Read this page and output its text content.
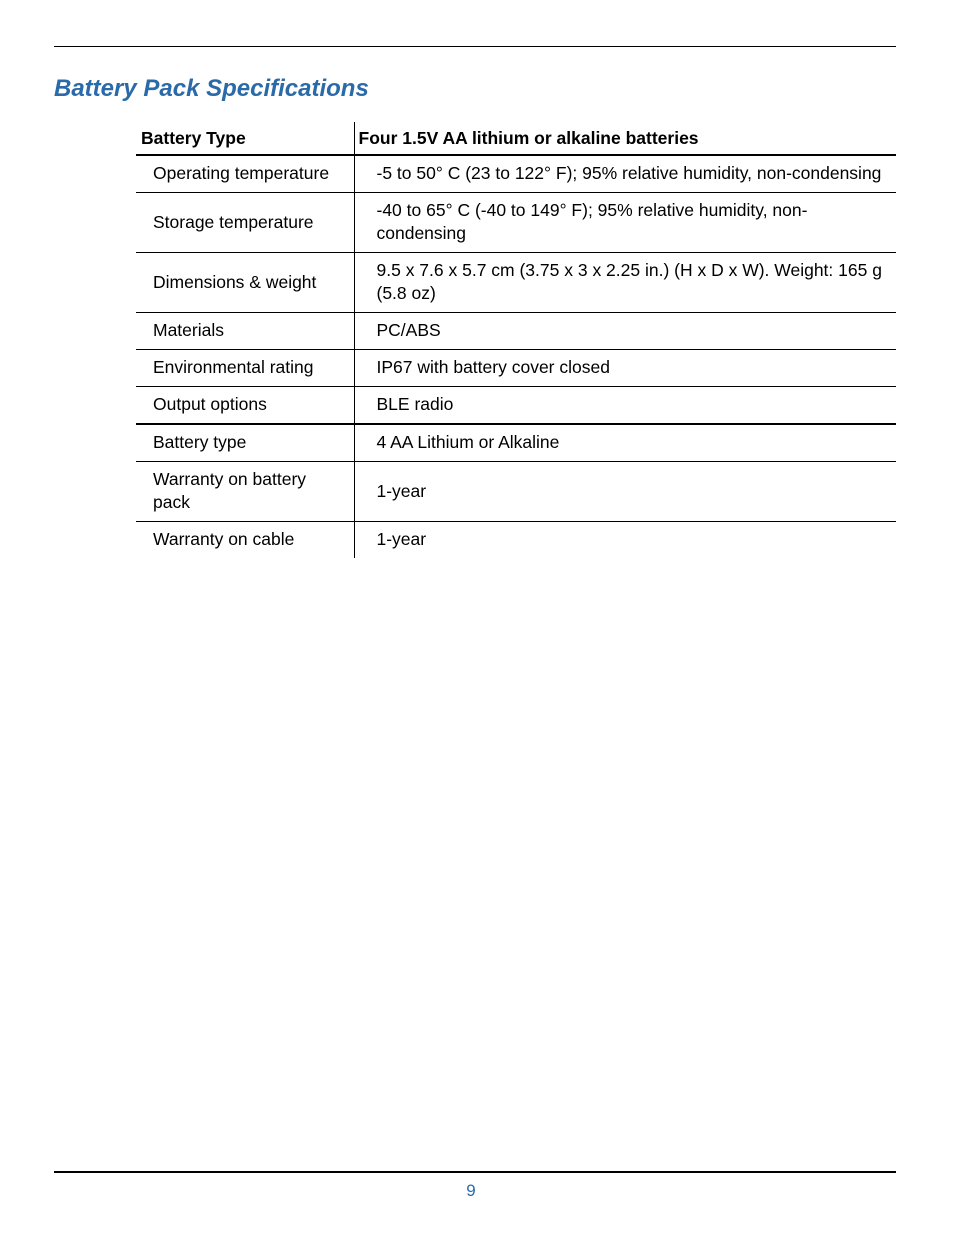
Battery Pack Specifications
Battery Type	Four 1.5V AA lithium or alkaline batteries
Operating temperature	-5 to 50° C (23 to 122° F); 95% relative humidity, non-condensing
Storage temperature	-40 to 65° C (-40 to 149° F); 95% relative humidity, non-condensing
Dimensions & weight	9.5 x 7.6 x 5.7 cm (3.75 x 3 x 2.25 in.) (H x D x W). Weight: 165 g (5.8 oz)
Materials	PC/ABS
Environmental rating	IP67 with battery cover closed
Output options	BLE radio
Battery type	4 AA Lithium or Alkaline
Warranty on battery pack	1-year
Warranty on cable	1-year
9
